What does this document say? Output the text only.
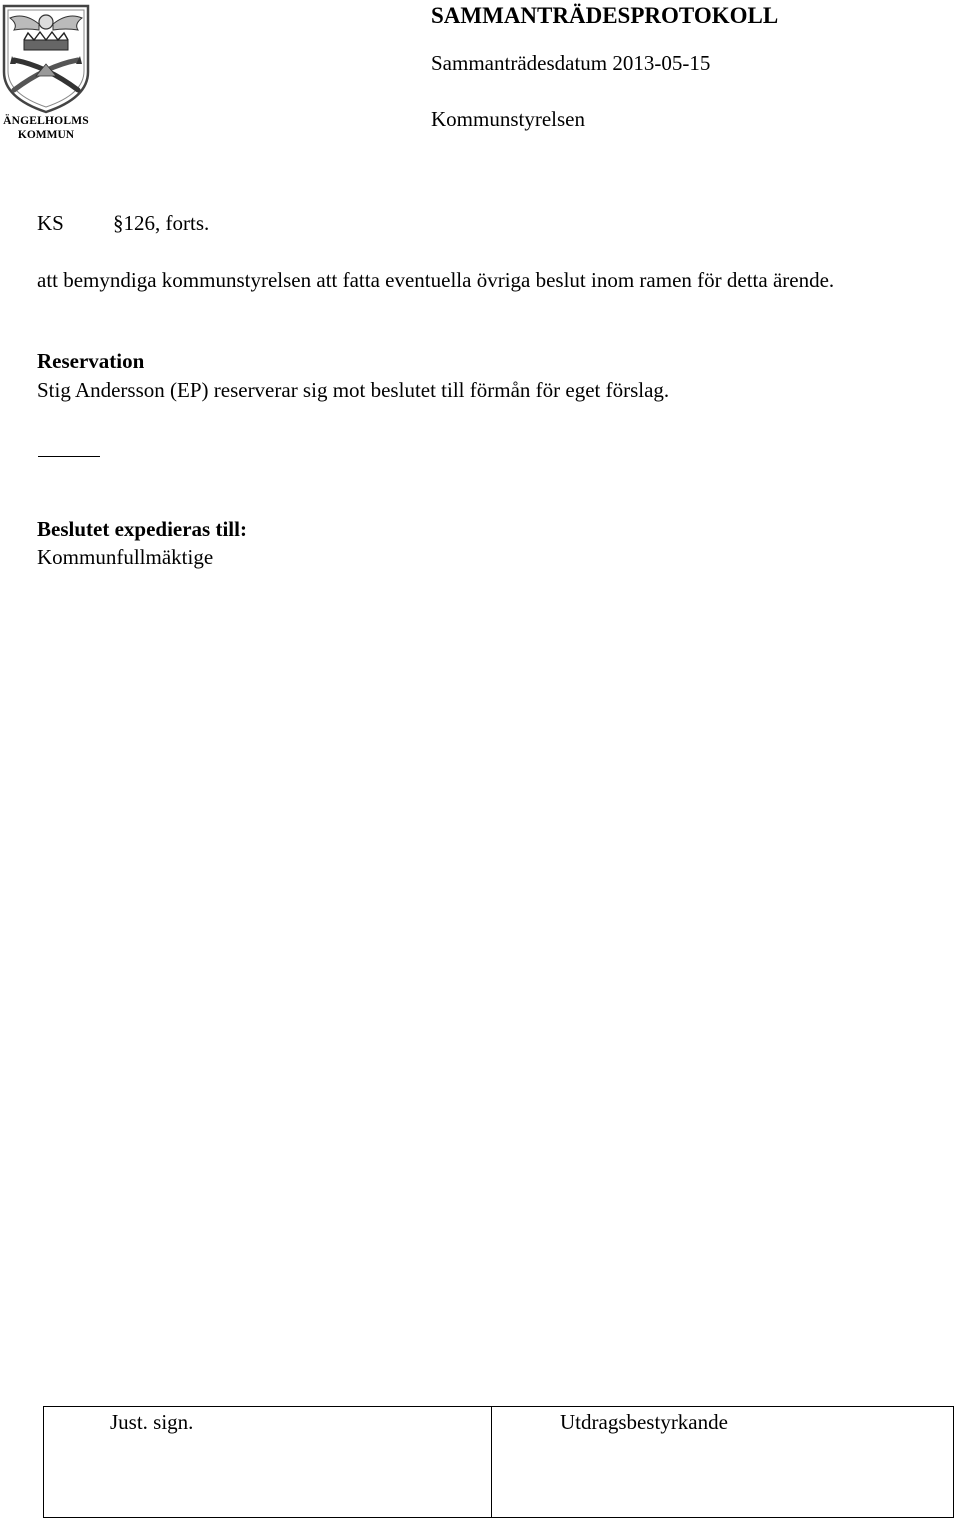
ÄNGELHOLMS
KOMMUN
SAMMANTRÄDESPROTOKOLL
Sammanträdesdatum 2013-05-15
Kommunstyrelsen
KS §126, forts.
att bemyndiga kommunstyrelsen att fatta eventuella övriga beslut inom ramen för detta ärende.
Reservation
Stig Andersson (EP) reserverar sig mot beslutet till förmån för eget förslag.
Beslutet expedieras till:
Kommunfullmäktige
Just. sign.	Utdragsbestyrkande
